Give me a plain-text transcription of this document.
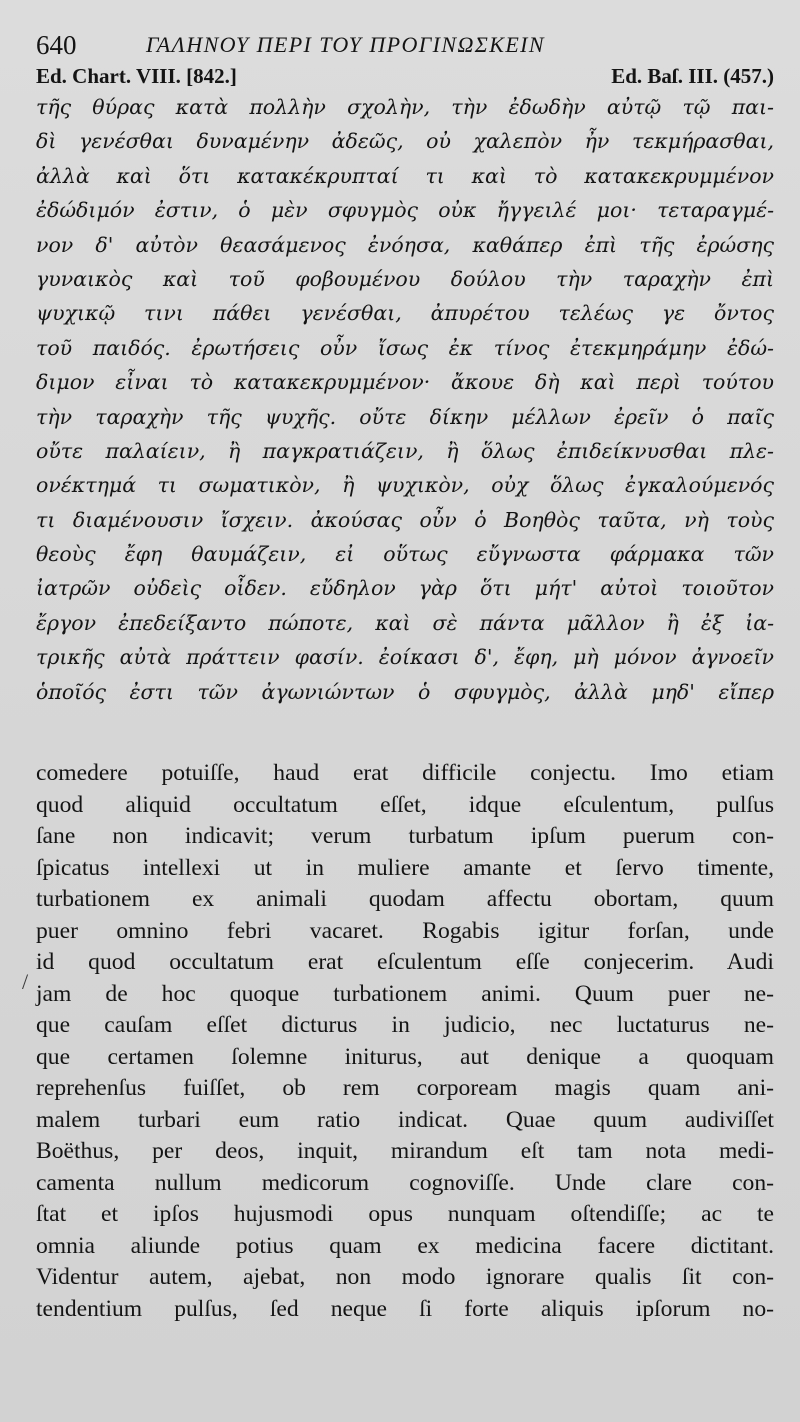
640	ΓΑΛΗΝΟΥ ΠΕΡΙ ΤΟΥ ΠΡΟΓΙΝΩΣΚΕΙΝ
Ed. Chart. VIII. [842.]	Ed. Baſ. III. (457.)
τῆς θύρας κατὰ πολλὴν σχολὴν, τὴν ἐδωδὴν αὐτῷ τῷ παι-
δὶ γενέσθαι δυναμένην ἀδεῶς, οὐ χαλεπὸν ἦν τεκμήρασθαι,
ἀλλὰ καὶ ὅτι κατακέκρυπταί τι καὶ τὸ κατακεκρυμμένον
ἐδώδιμόν ἐστιν, ὁ μὲν σφυγμὸς οὐκ ἤγγειλέ μοι· τεταραγμέ-
νον δ' αὐτὸν θεασάμενος ἐνόησα, καθάπερ ἐπὶ τῆς ἐρώσης
γυναικὸς καὶ τοῦ φοβουμένου δούλου τὴν ταραχὴν ἐπὶ
ψυχικῷ τινι πάθει γενέσθαι, ἀπυρέτου τελέως γε ὄντος
τοῦ παιδός. ἐρωτήσεις οὖν ἴσως ἐκ τίνος ἐτεκμηράμην ἐδώ-
διμον εἶναι τὸ κατακεκρυμμένον· ἄκουε δὴ καὶ περὶ τούτου
τὴν ταραχὴν τῆς ψυχῆς. οὔτε δίκην μέλλων ἐρεῖν ὁ παῖς
οὔτε παλαίειν, ἢ παγκρατιάζειν, ἢ ὅλως ἐπιδείκνυσθαι πλε-
ονέκτημά τι σωματικὸν, ἢ ψυχικὸν, οὐχ ὅλως ἐγκαλούμενός
τι διαμένουσιν ἴσχειν. ἀκούσας οὖν ὁ Βοηθὸς ταῦτα, νὴ τοὺς
θεοὺς ἔφη θαυμάζειν, εἰ οὕτως εὔγνωστα φάρμακα τῶν
ἰατρῶν οὐδεὶς οἶδεν. εὔδηλον γὰρ ὅτι μήτ' αὐτοὶ τοιοῦτον
ἔργον ἐπεδείξαντο πώποτε, καὶ σὲ πάντα μᾶλλον ἢ ἐξ ἰα-
τρικῆς αὐτὰ πράττειν φασίν. ἐοίκασι δ', ἔφη, μὴ μόνον ἀγνοεῖν
ὁποῖός ἐστι τῶν ἀγωνιώντων ὁ σφυγμὸς, ἀλλὰ μηδ' εἴπερ
/
comedere potuiſſe, haud erat difficile conjectu. Imo etiam
quod aliquid occultatum eſſet, idque eſculentum, pulſus
ſane non indicavit; verum turbatum ipſum puerum con-
ſpicatus intellexi ut in muliere amante et ſervo timente,
turbationem ex animali quodam affectu obortam, quum
puer omnino febri vacaret. Rogabis igitur forſan, unde
id quod occultatum erat eſculentum eſſe conjecerim. Audi
jam de hoc quoque turbationem animi. Quum puer ne-
que cauſam eſſet dicturus in judicio, nec luctaturus ne-
que certamen ſolemne initurus, aut denique a quoquam
reprehenſus fuiſſet, ob rem corpoream magis quam ani-
malem turbari eum ratio indicat. Quae quum audiviſſet
Boëthus, per deos, inquit, mirandum eſt tam nota medi-
camenta nullum medicorum cognoviſſe. Unde clare con-
ſtat et ipſos hujusmodi opus nunquam oſtendiſſe; ac te
omnia aliunde potius quam ex medicina facere dictitant.
Videntur autem, ajebat, non modo ignorare qualis ſit con-
tendentium pulſus, ſed neque ſi forte aliquis ipſorum no-
